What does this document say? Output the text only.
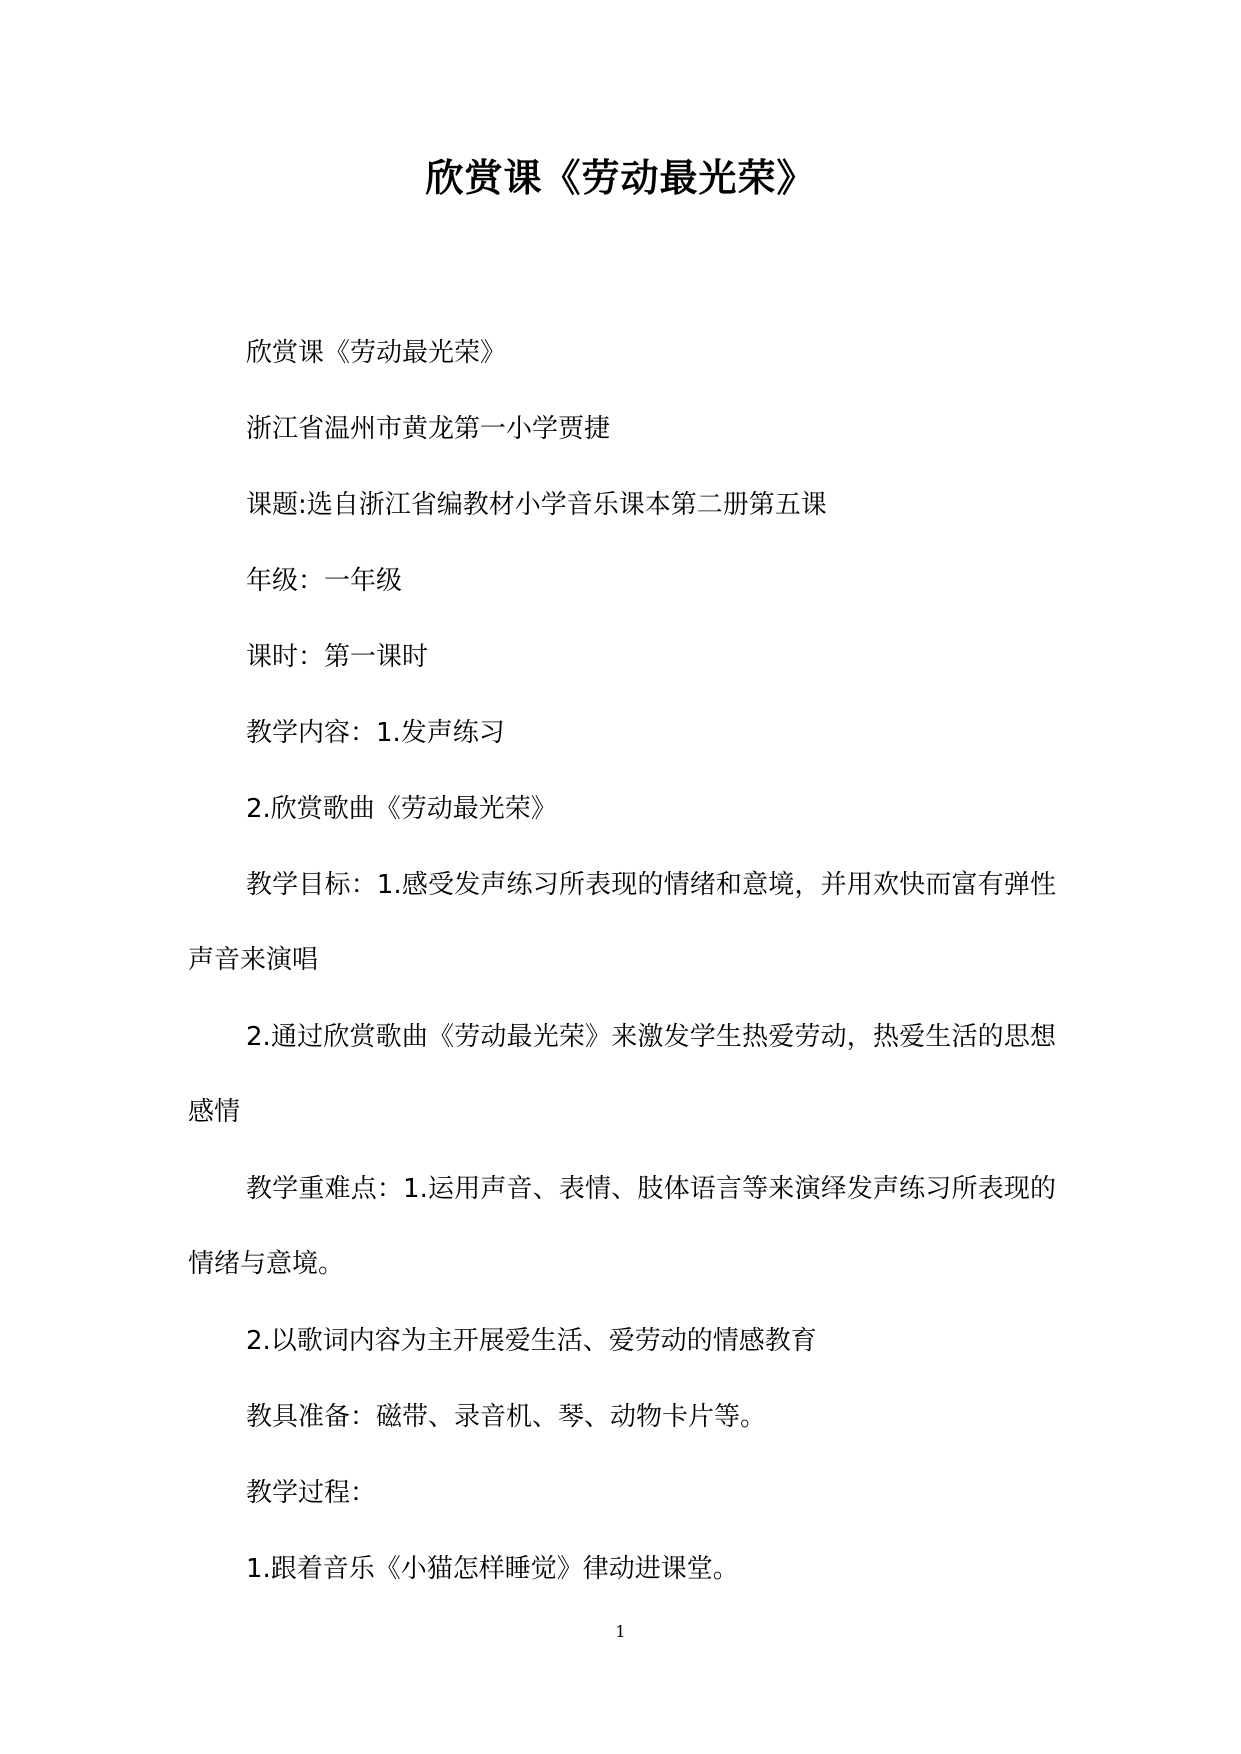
欣赏课《劳动最光荣》

欣赏课《劳动最光荣》

浙江省温州市黄龙第一小学贾捷

课题:选自浙江省编教材小学音乐课本第二册第五课

年级：一年级

课时：第一课时

教学内容：1.发声练习

2.欣赏歌曲《劳动最光荣》

教学目标：1.感受发声练习所表现的情绪和意境，并用欢快而富有弹性声音来演唱

2.通过欣赏歌曲《劳动最光荣》来激发学生热爱劳动，热爱生活的思想感情

教学重难点：1.运用声音、表情、肢体语言等来演绎发声练习所表现的情绪与意境。

2.以歌词内容为主开展爱生活、爱劳动的情感教育

教具准备：磁带、录音机、琴、动物卡片等。

教学过程：

1.跟着音乐《小猫怎样睡觉》律动进课堂。

1
